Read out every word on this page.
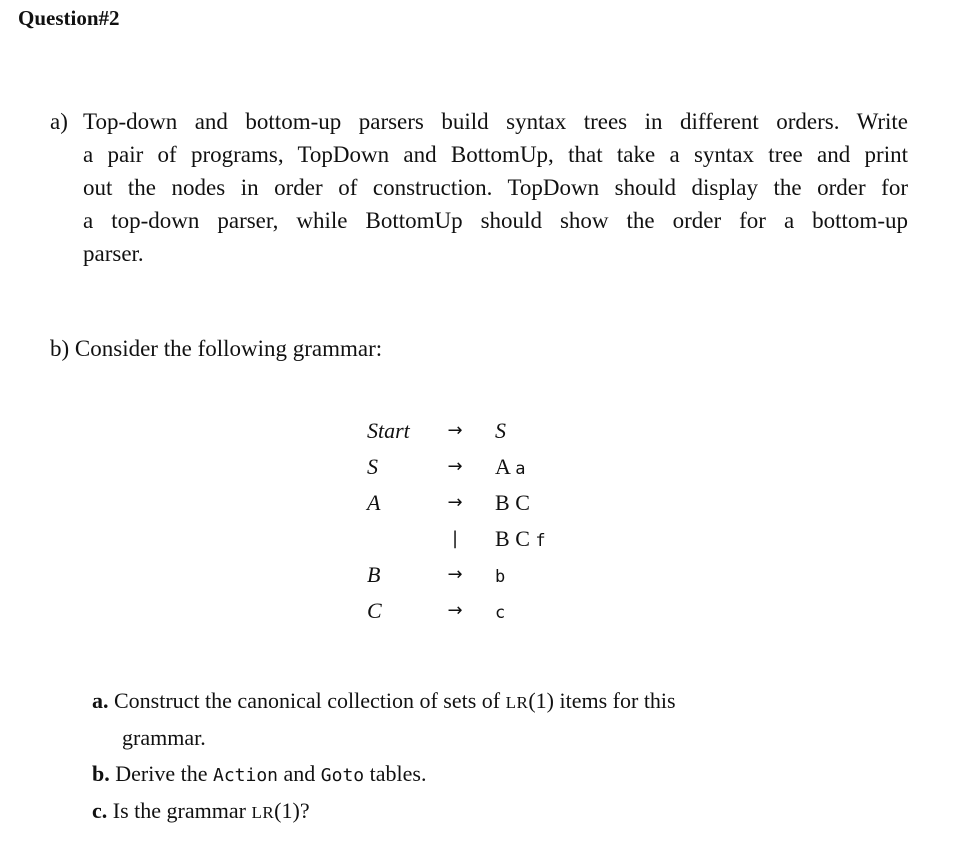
Question#2
a) Top-down and bottom-up parsers build syntax trees in different orders. Write
a pair of programs, TopDown and BottomUp, that take a syntax tree and print
out the nodes in order of construction. TopDown should display the order for
a top-down parser, while BottomUp should show the order for a bottom-up
parser.
b) Consider the following grammar:
Start	→ S
S	→ A a
A	→ B C
|	B C f
B	→	b
C	→	c
a. Construct the canonical collection of sets of LR(1) items for this
grammar.
b. Derive the Action and Goto tables.
c. Is the grammar LR(1)?
